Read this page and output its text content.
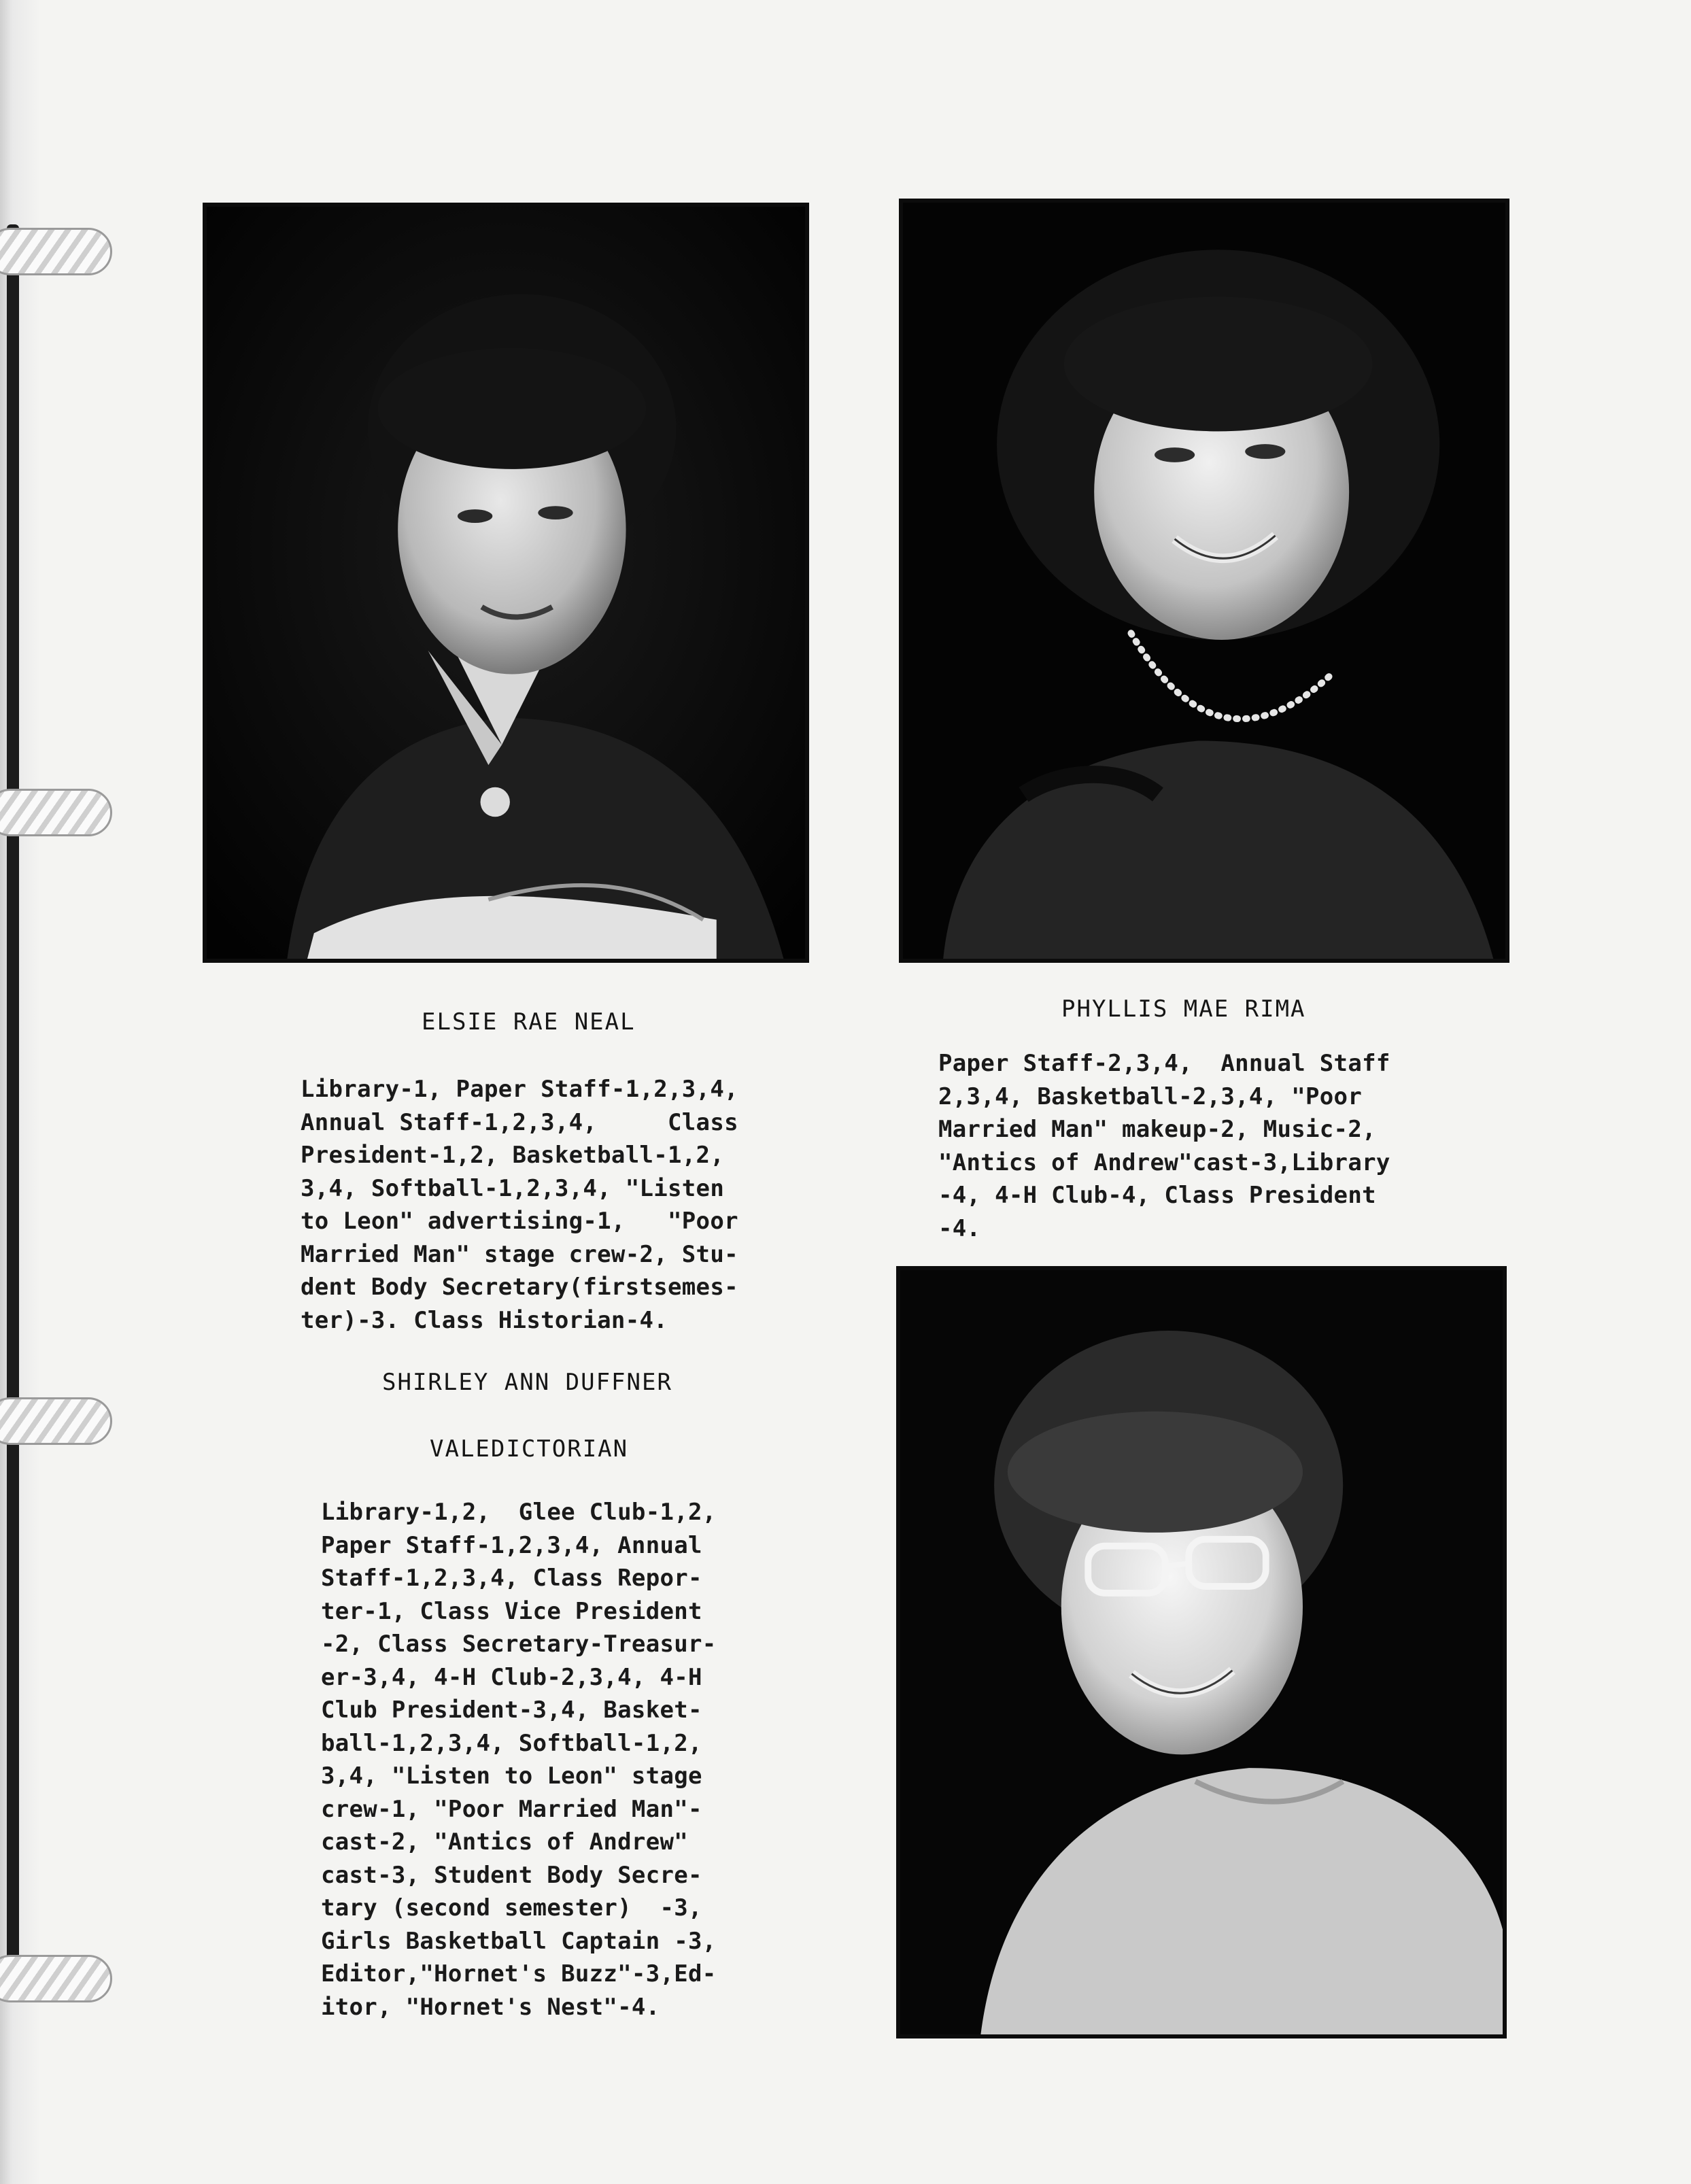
ELSIE RAE NEAL
Library-1, Paper Staff-1,2,3,4,
Annual Staff-1,2,3,4,     Class
President-1,2, Basketball-1,2,
3,4, Softball-1,2,3,4, "Listen
to Leon" advertising-1,   "Poor
Married Man" stage crew-2, Stu-
dent Body Secretary(firstsemes-
ter)-3. Class Historian-4.
SHIRLEY ANN DUFFNER
VALEDICTORIAN
Library-1,2,  Glee Club-1,2,
Paper Staff-1,2,3,4, Annual
Staff-1,2,3,4, Class Repor-
ter-1, Class Vice President
-2, Class Secretary-Treasur-
er-3,4, 4-H Club-2,3,4, 4-H
Club President-3,4, Basket-
ball-1,2,3,4, Softball-1,2,
3,4, "Listen to Leon" stage
crew-1, "Poor Married Man"-
cast-2, "Antics of Andrew"
cast-3, Student Body Secre-
tary (second semester)  -3,
Girls Basketball Captain -3,
Editor,"Hornet's Buzz"-3,Ed-
itor, "Hornet's Nest"-4.
PHYLLIS MAE RIMA
Paper Staff-2,3,4,  Annual Staff
2,3,4, Basketball-2,3,4, "Poor
Married Man" makeup-2, Music-2,
"Antics of Andrew"cast-3,Library
-4, 4-H Club-4, Class President
-4.
